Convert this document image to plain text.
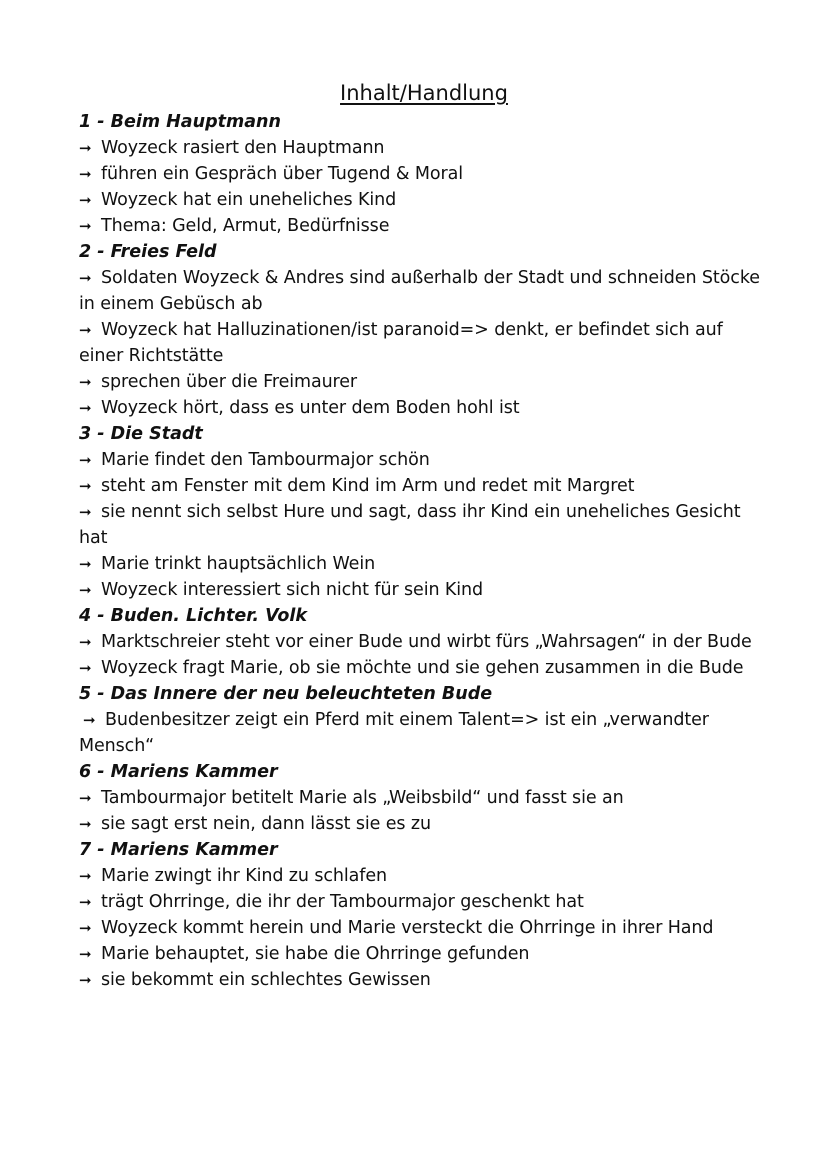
Inhalt/Handlung

1 - Beim Hauptmann

➞ Woyzeck rasiert den Hauptmann

➞ führen ein Gespräch über Tugend & Moral

➞ Woyzeck hat ein uneheliches Kind

➞ Thema: Geld, Armut, Bedürfnisse

2 - Freies Feld

➞ Soldaten Woyzeck & Andres sind außerhalb der Stadt und schneiden Stöcke in einem Gebüsch ab

➞ Woyzeck hat Halluzinationen/ist paranoid=> denkt, er befindet sich auf einer Richtstätte

➞ sprechen über die Freimaurer

➞ Woyzeck hört, dass es unter dem Boden hohl ist

3 - Die Stadt

➞ Marie findet den Tambourmajor schön

➞ steht am Fenster mit dem Kind im Arm und redet mit Margret

➞ sie nennt sich selbst Hure und sagt, dass ihr Kind ein uneheliches Gesicht hat

➞ Marie trinkt hauptsächlich Wein

➞ Woyzeck interessiert sich nicht für sein Kind

4 - Buden. Lichter. Volk

➞ Marktschreier steht vor einer Bude und wirbt fürs „Wahrsagen“ in der Bude

➞ Woyzeck fragt Marie, ob sie möchte und sie gehen zusammen in die Bude

5 - Das Innere der neu beleuchteten Bude

➞ Budenbesitzer zeigt ein Pferd mit einem Talent=> ist ein „verwandter Mensch“

6 - Mariens Kammer

➞ Tambourmajor betitelt Marie als „Weibsbild“ und fasst sie an

➞ sie sagt erst nein, dann lässt sie es zu

7 - Mariens Kammer

➞ Marie zwingt ihr Kind zu schlafen

➞ trägt Ohrringe, die ihr der Tambourmajor geschenkt hat

➞ Woyzeck kommt herein und Marie versteckt die Ohrringe in ihrer Hand

➞ Marie behauptet, sie habe die Ohrringe gefunden

➞ sie bekommt ein schlechtes Gewissen
